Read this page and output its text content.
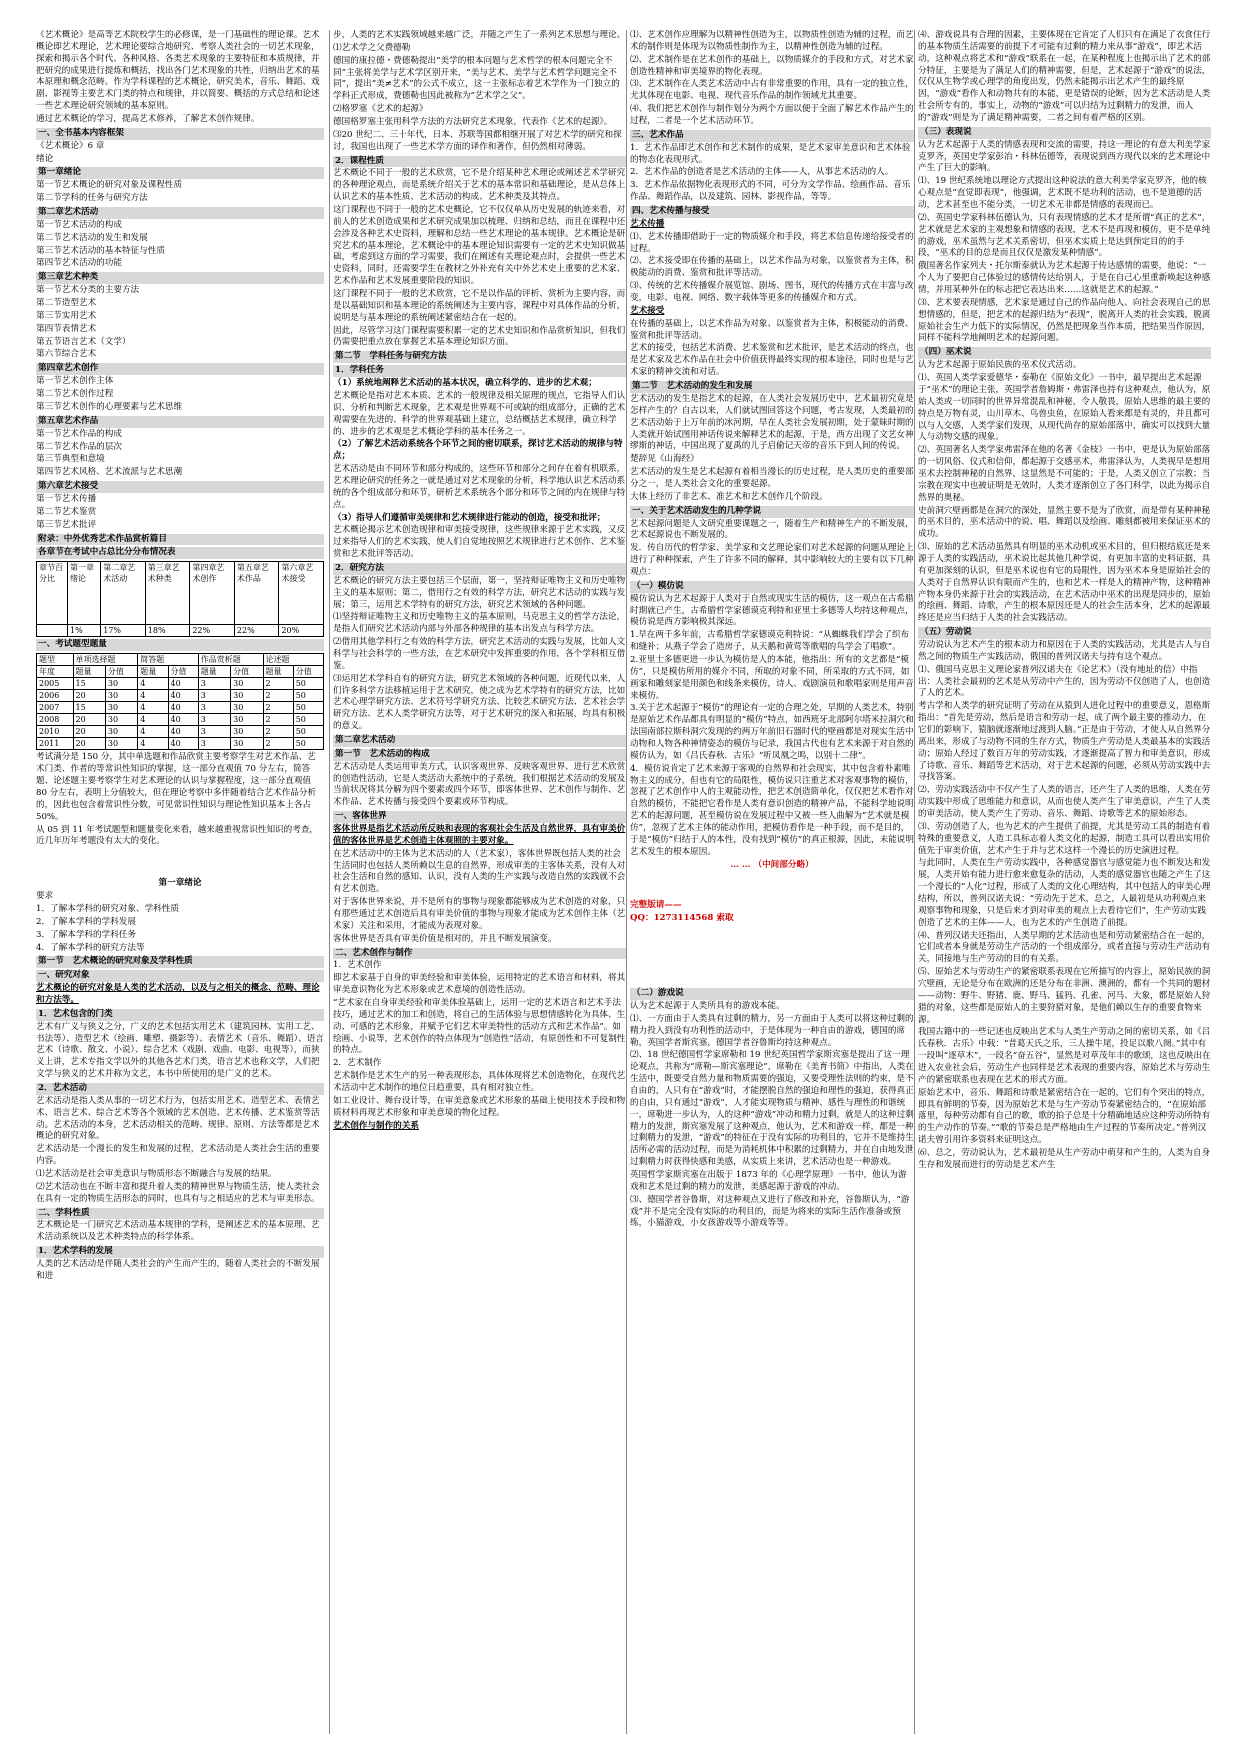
《艺术概论》是高等艺术院校学生的必修课，是一门基础性的理论课。艺术概论即艺术理论，艺术理论要综合地研究、考察人类社会的一切艺术现象，探索和揭示各个时代、各种风格、各类艺术现象的主要特征和本质规律，并把研究的成果进行提炼和概括，找出各门艺术现象的共性，归纳出艺术的基本原理和概念范畴。作为学科课程的艺术概论，研究美术，音乐、舞蹈、戏剧、影视等主要艺术门类的特点和规律，并以简要、概括的方式总结和论述一些艺术理论研究领域的基本原则。

通过艺术概论的学习，提高艺术修养，了解艺术创作规律。

一、全书基本内容框架

《艺术概论》6 章

绪论

第一章绪论

第一节艺术概论的研究对象及课程性质

第二节学科的任务与研究方法

第二章艺术活动

第一节艺术活动的构成

第二节艺术活动的发生和发展

第三节艺术活动的基本特征与性质

第四节艺术活动的功能

第三章艺术种类

第一节艺术分类的主要方法

第二节造型艺术

第三节实用艺术

第四节表情艺术

第五节语言艺术（文学）

第六节综合艺术

第四章艺术创作

第一节艺术创作主体

第二节艺术创作过程

第三节艺术创作的心理要素与艺术思维

第五章艺术作品

第一节艺术作品的构成

第二节艺术作品的层次

第三节典型和意境

第四节艺术风格、艺术流派与艺术思潮

第六章艺术接受

第一节艺术传播

第二节艺术鉴赏

第三节艺术批评

附录：中外优秀艺术作品赏析篇目

各章节在考试中占总比分分布情况表

章节百分比	第一章绪论	第二章艺术活动	第三章艺术种类	第四章艺术创作	第五章艺术作品	第六章艺术接受
	1%	17%	18%	22%	22%	20%

一、考试题型题量

题型	单项选择题		简答题		作品赏析题		论述题	
年度	题量	分值	题量	分值	题量	分值	题量	分值
2005	15	30	4	40	3	30	2	50
2006	20	30	4	40	3	30	2	50
2007	15	30	4	40	3	30	2	50
2008	20	30	4	40	3	30	2	50
2010	20	30	4	40	3	30	2	50
2011	20	30	4	40	3	30	2	50

考试满分是 150 分，其中单选题和作品欣赏主要考察学生对艺术作品、艺术门类、作者的等常识性知识的掌握，这一部分直观值 70 分左右，简答题、论述题主要考察学生对艺术理论的认识与掌握程度，这一部分直观值 80 分左右，表明上分值较大，但在理论考察中多伴随着结合艺术作品分析的，因此也包含着常识性分数，可见常识性知识与理论性知识基本上各占 50%。

从 05 到 11 年考试题型和题量变化来看，越来越重视常识性知识的考查，近几年历年考题没有太大的变化。

第一章绪论

要求

1．了解本学科的研究对象、学科性质

2．了解本学科的学科发展

3．了解本学科的学科任务

4．了解本学科的研究方法等

第一节　艺术概论的研究对象及学科性质

一、研究对象

艺术概论的研究对象是人类的艺术活动，以及与之相关的概念、范畴、理论和方法等。

1．艺术包含的门类

艺术有广义与狭义之分，广义的艺术包括实用艺术（建筑园林、实用工艺、书法等）、造型艺术（绘画、雕塑、摄影等）、表情艺术（音乐、舞蹈）、语言艺术（诗歌、散文、小说）、综合艺术（戏剧、戏曲、电影、电视等），而狭义上讲，艺术专指文学以外的其他各艺术门类，语言艺术也称文学，人们把文学与狭义的艺术并称为文艺，本书中所使用的是广义的艺术。

2．艺术活动

艺术活动是指人类从事的一切艺术行为，包括实用艺术、造型艺术、表情艺术、语言艺术、综合艺术等各个领域的艺术创造、艺术传播、艺术鉴赏等活动。艺术活动的本身，艺术活动相关的范畴、规律、原则、方法等都是艺术概论的研究对象。

艺术活动是一个漫长的发生和发展的过程，艺术活动是人类社会生活的重要内容。

⑴艺术活动是社会审美意识与物质形态不断融合与发展的结果。

⑵艺术活动也在不断丰富和提升着人类的精神世界与物质生活，使人类社会在具有一定的物质生活形态的同时，也具有与之相适应的艺术与审美形态。

二、学科性质

艺术概论是一门研究艺术活动基本规律的学科，是阐述艺术的基本原理、艺术活动系统以及艺术种类特点的科学体系。

1．艺术学科的发展

人类的艺术活动是伴随人类社会的产生而产生的，随着人类社会的不断发展和进

步，人类的艺术实践领域越来越广泛，并随之产生了一系列艺术思想与理论。

⑴艺术学之父费德勒

德国的康拉德・费德勒提出“美学的根本问题与艺术哲学的根本问题完全不同”主张将美学与艺术学区别开来，“美与艺术、美学与艺术哲学问题完全不同”，提出“美≠艺术”的公式不成立，这一主张标志着艺术学作为一门独立的学科正式形成，费德勒也因此被称为“艺术学之父”。

⑵格罗塞《艺术的起源》

德国格罗塞主张用科学方法的方法研究艺术现象，代表作《艺术的起源》。

⑶20 世纪二、三十年代，日本、苏联等国都相继开展了对艺术学的研究和探讨，我国也出现了一些艺术学方面的译作和著作，但仍然相对薄弱。

2．课程性质

艺术概论不同于一般的艺术欣赏，它不是介绍某种艺术理论或阐述艺术学研究的各种理论观点，而是系统介绍关于艺术的基本常识和基础理论，是从总体上认识艺术的基本性质、艺术活动的构成、艺术种类及其特点。

这门课程也不同于一般的艺术史概论，它不仅仅单从历史发展的轨迹来看，对前人的艺术创造成果和艺术研究成果加以梳理、归纳和总结，而且在课程中还会涉及各种艺术史资料，理解和总结一些艺术理论的基本规律。艺术概论是研究艺术的基本理论，艺术概论中的基本理论知识需要有一定的艺术史知识做基础，考虑到这方面的学习需要，我们在阐述有关理论观点时，会提供一些艺术史资料，同时，还需要学生在教材之外补充有关中外艺术史上重要的艺术家、艺术作品和艺术发展重要阶段的知识。

这门课程不同于一般的艺术欣赏，它不是以作品的评析、赏析为主要内容，而是以基础知识和基本理论的系统阐述为主要内容，课程中对具体作品的分析，说明是与基本理论的系统阐述紧密结合在一起的。

因此，尽管学习这门课程需要积累一定的艺术史知识和作品赏析知识，但我们仍需要把重点放在掌握艺术基本理论知识方面。

第二节　学科任务与研究方法

1．学科任务

（1）系统地阐释艺术活动的基本状况，确立科学的、进步的艺术观；

艺术概论是指对艺术本质、艺术的一般规律及相关原理的规点，它指导人们认识、分析和判断艺术现象，艺术观是世界观不可或缺的组成部分，正确的艺术观需要在先进的、科学的世界观基础上建立，总结概括艺术规律，确立科学的、进步的艺术观是艺术概论学科的基本任务之一。

（2）了解艺术活动系统各个环节之间的密切联系，探讨艺术活动的规律与特点；

艺术活动是由不同环节和部分构成的，这些环节和部分之间存在着有机联系，艺术理论研究的任务之一就是通过对艺术现象的分析，科学地认识艺术活动系统的各个组成部分和环节，研析艺术系统各个部分和环节之间的内在规律与特点。

（3）指导人们遵循审美规律和艺术规律进行能动的创造，接受和批评；

艺术概论揭示艺术创造规律和审美接受规律，这些规律来源于艺术实践，又反过来指导人们的艺术实践，使人们自觉地按照艺术规律进行艺术创作、艺术鉴赏和艺术批评等活动。

2．研究方法

艺术概论的研究方法主要包括三个层面，第一，坚持辩证唯物主义和历史唯物主义的基本原则；第二，借用行之有效的科学方法，研究艺术活动的实践与发展；第三，运用艺术学特有的研究方法，研究艺术领域的各种问题。

⑴坚持辩证唯物主义和历史唯物主义的基本原则，马克思主义的哲学方法论，是指人们研究艺术活动内部与外部各种规律的基本出发点与科学方法。

⑵借用其他学科行之有效的科学方法，研究艺术活动的实践与发展，比如人文科学与社会科学的一些方法，在艺术研究中发挥重要的作用，各个学科相互借鉴。

⑶运用艺术学科自有的研究方法，研究艺术领域的各种问题，近现代以来，人们许多科学方法移植运用于艺术研究，使之成为艺术学特有的研究方法，比如艺术心理学研究方法、艺术符号学研究方法、比较艺术研究方法、艺术社会学研究方法、艺术人类学研究方法等，对于艺术研究的深入和拓展，均具有积极的意义。

第二章艺术活动

第一节　艺术活动的构成

艺术活动是人类运用审美方式，认识客观世界、反映客观世界、进行艺术欣赏的创造性活动，它是人类活动大系统中的子系统，我们根据艺术活动的发展及当前状况将其分解为四个要素或四个环节，即客体世界、艺术创作与制作、艺术作品、艺术传播与接受四个要素或环节构成。

一、客体世界

客体世界是指艺术活动所反映和表现的客观社会生活及自然世界，具有审美价值的客体世界是艺术创造主体观照的主要对象。

在艺术活动中的主体为艺术活动的人（艺术家），客体世界既包括人类的社会生活同时也包括人类所赖以生息的自然界，形成审美的主客体关系，没有人对社会生活和自然的感知、认识，没有人类的生产实践与改造自然的实践就不会有艺术创造。

对于客体世界来说，并不是所有的事物与现象都能够成为艺术创造的对象，只有那些通过艺术创造后具有审美价值的事物与现象才能成为艺术创作主体（艺术家）关注和采用，才能成为表现对象。

客体世界是否具有审美价值是相对的，并且不断发展演变。

二、艺术创作与制作

1．艺术创作

即艺术家基于自身的审美经验和审美体验，运用特定的艺术语言和材料，将其审美意识物化为艺术形象或艺术意境的创造性活动。

“艺术家在自身审美经验和审美体验基础上，运用一定的艺术语言和艺术手法技巧，通过艺术的加工和创造，将自己的生活体验与思想情感转化为具体、生动、可感的艺术形象，并赋予它们艺术审美特性的活动方式和艺术作品”。如绘画、小说等，艺术创作的特点体现为“创造性”活动，有原创性和不可复制性的特点。

2．艺术制作

艺术制作是艺术生产的另一种表现形态，具体体现将艺术创造物化，在现代艺术活动中艺术制作的地位日趋重要，具有相对独立性。

如工业设计、舞台设计等，在审美意象或艺术形象的基础上使用技术手段和物质材料再现艺术形象和审美意境的物化过程。

艺术创作与制作的关系

⑴、艺术创作应理解为以精神性创造为主，以物质性创造为辅的过程，而艺术的制作则是体现为以物质性制作为主，以精神性创造为辅的过程。

⑵、艺术制作是在艺术创作的基础上，以物质媒介的手段和方式，对艺术家创造性精神和审美境界的物化表现。

⑶、艺术制作在人类艺术活动中占有非常重要的作用，具有一定的独立性，尤其体现在电影、电视、现代音乐作品的制作领域尤其重要。

⑷、我们把艺术创作与制作划分为两个方面以便于全面了解艺术作品产生的过程，二者是一个艺术活动环节。

三、艺术作品

1．艺术作品即艺术创作和艺术制作的成果，是艺术家审美意识和艺术体验的物态化表现形式。

2．艺术作品的创造者是艺术活动的主体——人，从事艺术活动的人。

3．艺术作品依据物化表现形式的不同，可分为文学作品、绘画作品、音乐作品、舞蹈作品，以及建筑、园林、影视作品，等等。

四、艺术传播与接受

艺术传播

⑴、艺术传播即借助于一定的物质媒介和手段，将艺术信息传递给接受者的过程。

⑵、艺术接受即在传播的基础上，以艺术作品为对象，以鉴赏者为主体，积极能动的消费、鉴赏和批评等活动。

⑶、传统的艺术传播媒介展览馆、剧场、图书，现代的传播方式在丰富与改变，电影、电视、网络、数字载体等更多的传播媒介和方式。

艺术接受

在传播的基础上，以艺术作品为对象、以鉴赏者为主体，积极能动的消费、鉴赏和批评等活动。

艺术的接受，包括艺术消费、艺术鉴赏和艺术批评，是艺术活动的终点，也是艺术家及艺术作品在社会中价值获得最终实现的根本途径，同时也是与艺术家的精神交流和对话。

第二节　艺术活动的发生和发展

艺术活动的发生是指艺术的起源，在人类社会发展历史中，艺术最初究竟是怎样产生的？自古以来，人们就试图回答这个问题，考古发现，人类最初的艺术活动始于上万年前的冰河期，早在人类社会发展初期，处于蒙昧时期的人类就开始试图用神话传说来解释艺术的起源，于是，西方出现了文艺女神缪斯的神话，中国出现了夏禹的儿子启偷记天帝的音乐下到人间的传说。

楚辞见《山海经》

艺术活动的发生是艺术起源有着相当漫长的历史过程，是人类历史的重要部分之一，是人类社会文化的重要起源。

大体上经历了非艺术、准艺术和艺术创作几个阶段。

一、关于艺术活动发生的几种学说

艺术起源问题是人文研究重要课题之一，随着生产和精神生产的不断发展，艺术起源说也不断发展的。

发．传自历代的哲学家、美学家和文艺理论家们对艺术起源的问题从理论上进行了种种探索，产生了许多不同的解释，其中影响较大的主要有以下几种观点：

（一）模仿说

模仿说认为艺术起源于人类对于自然或现实生活的模仿，这一观点在古希腊时期就已产生，古希腊哲学家德谟克利特和亚里士多德等人均持这种观点，模仿说是西方影响极其深远。

1.早在两千多年前，古希腊哲学家德谟克利特说：“从蜘蛛我们学会了织布和缝补；从燕子学会了造房子，从天鹅和黄莺等歌唱的鸟学会了唱歌”。

2.亚里士多德更进一步认为模仿是人的本能，他指出：所有的文艺都是“模仿”，只是模仿所用的媒介不同，所取的对象不同，所采取的方式不同，如画家和雕刻家是用颜色和线条来模仿，诗人、戏剧演员和歌唱家则是用声音来模仿。

3.关于艺术起源于“模仿”的理论有一定的合理之处，早期的人类艺术，特别是原始艺术作品都具有明显的“模仿”特点，如西班牙北部阿尔塔米拉洞穴和法国南部拉斯科洞穴发现的约两万年前旧石器时代的壁画都是对现实生活中动物和人物各种神情姿态的模仿与记录，我国古代也有艺术来源于对自然的模仿认为，如《吕氏春秋．古乐》“听凤凰之鸣，以别十二律”。

4．模仿说肯定了艺术来源于客观的自然界和社会现实，其中包含着朴素唯物主义的成分，但也有它的局限性，模仿说只注重艺术对客观事物的模仿，忽视了艺术创作中人的主观能动性，把艺术创造简单化，仅仅把艺术看作对自然的模仿，不能把它看作是人类有意识创造的精神产品，不能科学地说明艺术的起源问题，甚至模仿说在发展过程中又被一些人曲解为“艺术就是模仿”，忽视了艺术主体的能动作用，把模仿看作是一种手段，而不是目的，于是“模仿”归结于人的本性，没有找到“模仿”的真正根源，因此，未能说明艺术发生的根本原因。

… … （中间部分略）

完整版请——

QQ：1273114568 索取

（二）游戏说

认为艺术起源于人类所具有的游戏本能。

⑴、一方面由于人类具有过剩的精力，另一方面由于人类可以将这种过剩的精力投入到没有功利性的活动中，于是体现为一种自由的游戏，德国的席勒，英国学者斯宾塞，德国学者谷鲁斯均持这种观点。

⑵、18 世纪德国哲学家席勒和 19 世纪英国哲学家斯宾塞是提出了这一理论观点，共称为“席勒—斯宾塞理论”，席勒在《美育书简》中指出，人类在生活中，既要受自然力量和物质需要的强迫，又要受理性法则的约束，是不自由的，人只有在“游戏”时，才能摆脱自然的强迫和理性的强迫，获得真正的自由，只有通过“游戏”，人才能实现物质与精神、感性与理性的和谐统一，席勒进一步认为，人的这种“游戏”冲动和精力过剩，就是人的这种过剩精力的发泄，斯宾塞发展了这种观点，他认为，艺术和游戏一样，都是一种过剩精力的发泄，“游戏”的特征在于没有实际的功利目的，它并不是维持生活所必需的活动过程，而是为消耗机体中积累的过剩精力，并在自由地发泄过剩精力时获得快感和美感，从实质上来讲，艺术活动也是一种游戏。

英国哲学家斯宾塞在出版于 1873 年的《心理学原理》一书中，他认为游戏和艺术是过剩的精力的发泄，美感起源于游戏的冲动。

⑶、德国学者谷鲁斯，对这种观点又进行了修改和补充，谷鲁斯认为，“游戏”并不是完全没有实际的功利目的，而是为将来的实际生活作准备或预练，小猫游戏，小女孩游戏等小游戏等等。

⑷、游戏说具有合理的因素，主要体现在它肯定了人们只有在满足了衣食住行的基本物质生活需要的前提下才可能有过剩的精力来从事“游戏”，即艺术活动，这种观点将艺术和“游戏”联系在一起，在某种程度上也揭示出了艺术的部分特征，主要是为了满足人们的精神需要，但是，艺术起源于“游戏”的说法，仅仅从生物学或心理学的角度出发，仍然未能揭示出艺术产生的最终原因，“游戏”看作人和动物共有的本能，更是错误的论断，因为艺术活动是人类社会所专有的，事实上，动物的“游戏”可以归结为过剩精力的发泄，而人的“游戏”则是为了满足精神需要，二者之间有着严格的区别。

（三）表现说

认为艺术起源于人类的情感表现和交流的需要，持这一理论的有意大利美学家克罗齐，英国史学家彭冶・科林伍德等，表现说到西方现代以来的艺术理论中产生了巨大的影响。

⑴、19 世纪系统地以理论方式提出这种说法的意大利美学家克罗齐，他的核心观点是“直觉即表现”，他强调，艺术既不是功利的活动，也不是道德的活动，艺术甚至也不能分类，一切艺术无非都是情感的表现而已。

⑵、英国史学家科林伍德认为，只有表现情感的艺术才是所谓“真正的艺术”，艺术就是艺术家的主观想象和情感的表现，艺术不是再现和模仿，更不是单纯的游戏，巫术虽然与艺术关系密切，但巫术实质上是达到预定目的的手段，“巫术的目的总是而且仅仅是激发某种情感”。

俄国著名作家列夫・托尔斯泰就认为艺术起源于传达感情的需要，他说：“一个人为了要把自己体验过的感情传达给别人，于是在自己心里重新唤起这种感情，并用某种外在的标志把它表达出来……这就是艺术的起源。”

⑶、艺术要表现情感，艺术家是通过自己的作品向他人、向社会表现自己的思想情感的，但是，把艺术的起源归结为“表现”，脱离开人类的社会实践，脱离原始社会生产力低下的实际情况，仍然是把现象当作本质，把结果当作原因，同样不能科学地阐明艺术的起源问题。

（四）巫术说

认为艺术起源于原始民族的巫术仪式活动。

⑴、英国人类学家爱德华・泰勒在《原始文化》一书中，最早提出艺术起源于“巫术”的理论主张，英国学者詹姆斯・弗雷泽也持有这种观点，他认为，原始人类或一切同时的世界异常混乱和神秘，令人敬畏，原始人思维的最主要的特点是万物有灵，山川草木、鸟兽虫鱼，在原始人看来都是有灵的，并且都可以与人交感，人类学家们发现，从现代尚存的原始部落中，确实可以找到大量人与动物交感的现象。

⑵、英国著名人类学家弗雷泽在他的名著《金枝》一书中，更是认为原始部落的一切风俗、仪式和信仰，都起源于交感巫术，弗雷泽认为，人类视早是想用巫术去控制神秘的自然界，这显然是不可能的；于是，人类又创立了宗教；当宗教在现实中也被证明是无效时，人类才逐渐创立了各门科学，以此为揭示自然界的奥秘。

史前洞穴壁画都是在洞穴的深处，显然主要不是为了欣赏，而是带有某种神秘的巫术目的，巫术活动中的说、唱、舞蹈以及绘画、雕刻都被用来保证巫术的成功。

⑶、原始的艺术活动虽然具有明显的巫术动机或巫术目的，但归根结底还是来源于人类的实践活动，巫术说比起其他几种学说，有更加丰富的史料证据，具有更加深刻的认识，但是巫术说也有它的局限性，因为巫术本身是原始社会的人类对于自然界认识有限而产生的，也和艺术一样是人的精神产物，这种精神产物本身仍来源于社会的实践活动，在艺术活动中巫术的出现是同步的，原始的绘画、舞蹈、诗歌，产生的根本原因还是人的社会生活本身，艺术的起源最终还是应当归结于人类的社会实践活动。

（五）劳动说

劳动说认为艺术产生的根本动力和原因在于人类的实践活动，尤其是古人与自然之间的物质生产实践活动，俄国的普列汉诺夫与持有这个观点。

⑴、俄国马克思主义理论家普列汉诺夫在《论艺术》（没有地址的信）中指出：人类社会最初的艺术是从劳动中产生的，因为劳动不仅创造了人，也创造了人的艺术。

考古学和人类学的研究证明了劳动在从猿到人进化过程中的重要意义，恩格斯指出：“首先是劳动，然后是语言和劳动一起，成了两个最主要的推动力，在它们的影响下，猿脑就逐渐地过渡到人脑。”正是由于劳动，才使人从自然界分离出来，形成了与动物不同的生存方式，物质生产劳动是人类最基本的实践活动；原始人经过了数百万年的劳动实践，才逐渐提高了智力和审美意识，形成了诗歌、音乐、舞蹈等艺术活动，对于艺术起源的问题，必须从劳动实践中去寻找答案。

⑵、劳动实践活动中不仅产生了人类的语言，还产生了人类的思维，人类在劳动实践中形成了思维能力和意识，从而也使人类产生了审美意识，产生了人类的审美活动，使人类产生了劳动、音乐、舞蹈、诗歌等艺术的原始形态。

⑶、劳动创造了人，也为艺术的产生提供了前提，尤其是劳动工具的制造有着特殊的重要意义，人造工具标志着人类文化的起源，制造工具可以看出实用价值先于审美价值，艺术产生于并与艺术这样一个漫长的历史演进过程。

与此同时，人类在生产劳动实践中，各种感觉器官与感觉能力也不断发达和发展，人类开始有能力进行愈来愈复杂的活动，人类的感觉器官也随之产生了这一个漫长的“人化”过程，形成了人类的文化心理结构，其中包括人的审美心理结构，所以，普列汉诺夫说：“劳动先于艺术，总之，人最初是从功利观点来观察事物和现象，只是后来才到对审美的观点上去看待它们”，生产劳动实践创造了艺术的主体——人，也为艺术的产生创造了前提。

⑷、普列汉诺夫还指出，人类早期的艺术活动也是和劳动紧密结合在一起的，它们或者本身就是劳动生产活动的一个组成部分，或者直接与劳动生产活动有关，同接地与生产劳动的目的有关系。

⑸、原始艺术与劳动生产的紧密联系表现在它所描写的内容上，原始民族的洞穴壁画，无论是分布在欧洲的还是分布在非洲、澳洲的，都有一个共同的题材——动物：野牛、野猪、鹿、野马、猛犸、孔雀、河马、大象，都是原始人狩猎的对象，这些都是原始人的主要狩猎对象，是他们赖以生存的重要食物来源。

我国古籍中的一些记述也反映出艺术与人类生产劳动之间的密切关系，如《吕氏春秋．古乐》中载：“昔葛天氏之乐，三人操牛尾，投足以歌八阕。”其中有一段叫“逐草木”，一段名“奋五谷”，显然是对草茂年丰的歌颂，这也反映出在进入农业社会后，劳动生产也同样是艺术表现的重要内容，原始艺术与劳动生产的紧密联系也表现在艺术的形式方面。

原始艺术中，音乐、舞蹈和诗歌是紧密结合在一起的，它们有个突出的特点，即具有鲜明的节奏，因为原始艺术是与生产劳动节奏紧密结合的，“在原始部落里，每种劳动都有自己的歌，歌的拍子总是十分精确地适应这种劳动所特有的生产动作的节奏。”“歌的节奏总是严格地由生产过程的节奏所决定。”普列汉诺夫曾引用许多资料来证明这点。

⑹、总之，劳动说认为，艺术最初是从生产劳动中萌芽和产生的，人类为自身生存和发展而进行的劳动是艺术产生
